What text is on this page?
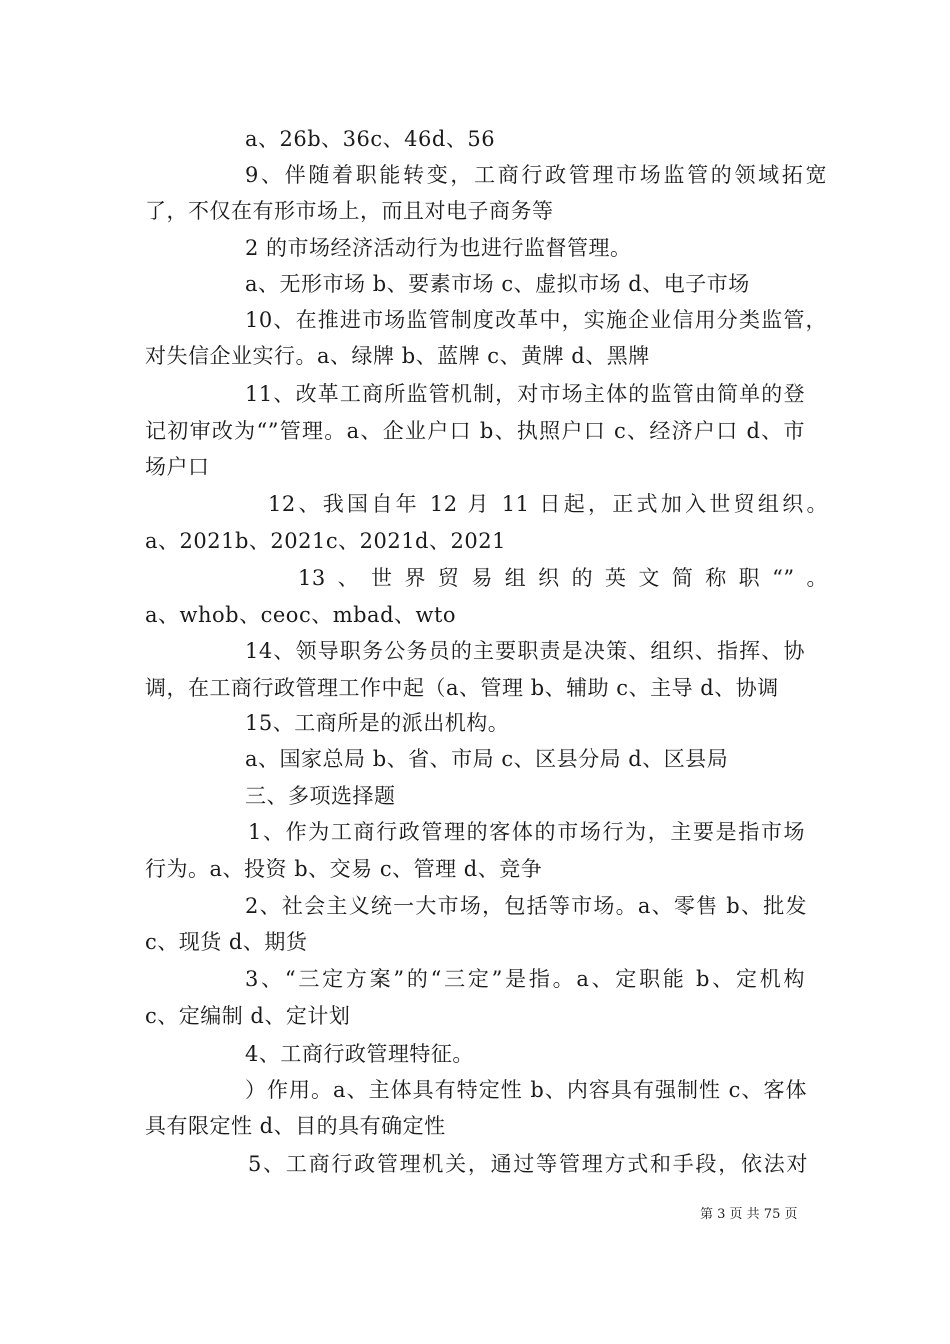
a、26b、36c、46d、56
9、伴随着职能转变，工商行政管理市场监管的领域拓宽
了，不仅在有形市场上，而且对电子商务等
2 的市场经济活动行为也进行监督管理。
a、无形市场 b、要素市场 c、虚拟市场 d、电子市场
10、在推进市场监管制度改革中，实施企业信用分类监管，
对失信企业实行。a、绿牌 b、蓝牌 c、黄牌 d、黑牌
11、改革工商所监管机制，对市场主体的监管由简单的登
记初审改为“”管理。a、企业户口 b、执照户口 c、经济户口 d、市
场户口
12、我国自年 12 月 11 日起，正式加入世贸组织。
a、2021b、2021c、2021d、2021
13、世界贸易组织的英文简称职“”。
a、whob、ceoc、mbad、wto
14、领导职务公务员的主要职责是决策、组织、指挥、协
调，在工商行政管理工作中起（a、管理 b、辅助 c、主导 d、协调
15、工商所是的派出机构。
a、国家总局 b、省、市局 c、区县分局 d、区县局
三、多项选择题
1、作为工商行政管理的客体的市场行为，主要是指市场
行为。a、投资 b、交易 c、管理 d、竞争
2、社会主义统一大市场，包括等市场。a、零售 b、批发
c、现货 d、期货
3、“三定方案”的“三定”是指。a、定职能 b、定机构
c、定编制 d、定计划
4、工商行政管理特征。
）作用。a、主体具有特定性 b、内容具有强制性 c、客体
具有限定性 d、目的具有确定性
5、工商行政管理机关，通过等管理方式和手段，依法对
第 3 页 共 75 页
